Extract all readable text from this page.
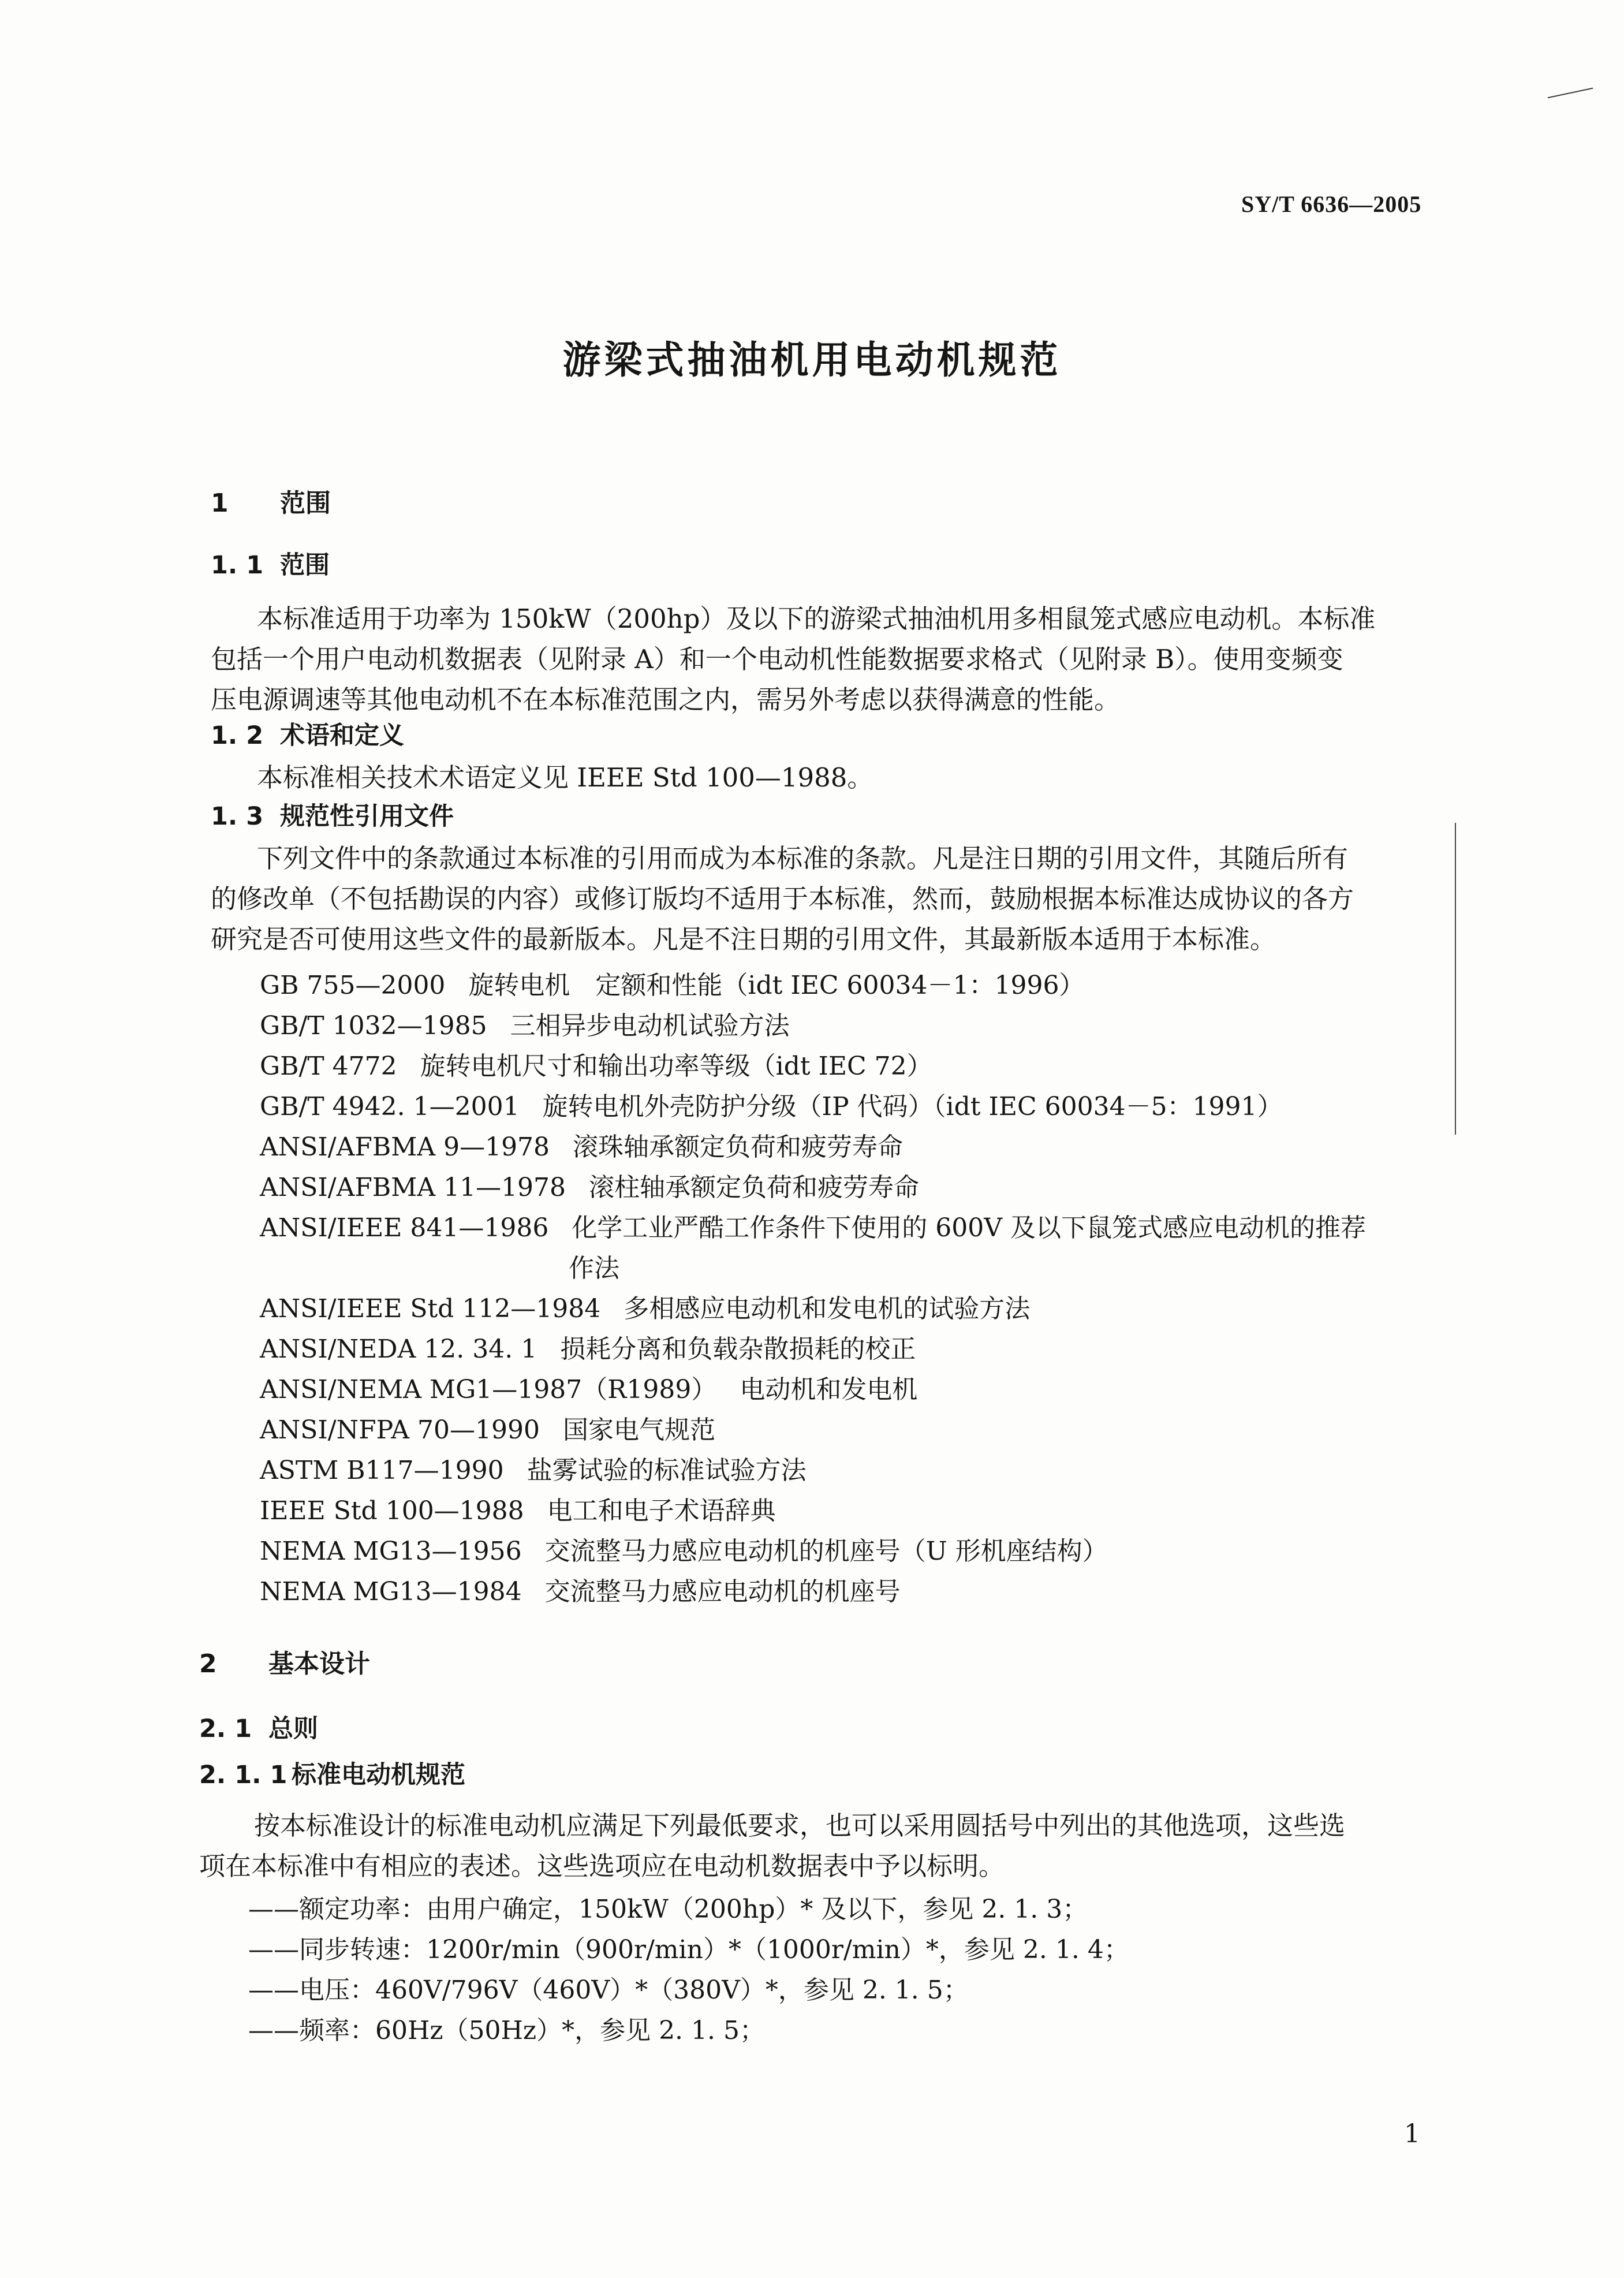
SY/T 6636—2005
游梁式抽油机用电动机规范
1 范围
1. 1 范围
本标准适用于功率为 150kW（200hp）及以下的游梁式抽油机用多相鼠笼式感应电动机。本标准
包括一个用户电动机数据表（见附录 A）和一个电动机性能数据要求格式（见附录 B）。使用变频变
压电源调速等其他电动机不在本标准范围之内，需另外考虑以获得满意的性能。
1. 2 术语和定义
本标准相关技术术语定义见 IEEE Std 100—1988。
1. 3 规范性引用文件
下列文件中的条款通过本标准的引用而成为本标准的条款。凡是注日期的引用文件，其随后所有
的修改单（不包括勘误的内容）或修订版均不适用于本标准，然而，鼓励根据本标准达成协议的各方
研究是否可使用这些文件的最新版本。凡是不注日期的引用文件，其最新版本适用于本标准。
GB 755—2000 旋转电机　定额和性能（idt IEC 60034－1：1996）
GB/T 1032—1985 三相异步电动机试验方法
GB/T 4772 旋转电机尺寸和输出功率等级（idt IEC 72）
GB/T 4942. 1—2001 旋转电机外壳防护分级（IP 代码）（idt IEC 60034－5：1991）
ANSI/AFBMA 9—1978 滚珠轴承额定负荷和疲劳寿命
ANSI/AFBMA 11—1978 滚柱轴承额定负荷和疲劳寿命
ANSI/IEEE 841—1986 化学工业严酷工作条件下使用的 600V 及以下鼠笼式感应电动机的推荐
作法
ANSI/IEEE Std 112—1984 多相感应电动机和发电机的试验方法
ANSI/NEDA 12. 34. 1 损耗分离和负载杂散损耗的校正
ANSI/NEMA MG1—1987（R1989） 电动机和发电机
ANSI/NFPA 70—1990 国家电气规范
ASTM B117—1990 盐雾试验的标准试验方法
IEEE Std 100—1988 电工和电子术语辞典
NEMA MG13—1956 交流整马力感应电动机的机座号（U 形机座结构）
NEMA MG13—1984 交流整马力感应电动机的机座号
2 基本设计
2. 1 总则
2. 1. 1 标准电动机规范
按本标准设计的标准电动机应满足下列最低要求，也可以采用圆括号中列出的其他选项，这些选
项在本标准中有相应的表述。这些选项应在电动机数据表中予以标明。
——额定功率：由用户确定，150kW（200hp）* 及以下，参见 2. 1. 3；
——同步转速：1200r/min（900r/min）*（1000r/min）*，参见 2. 1. 4；
——电压：460V/796V（460V）*（380V）*，参见 2. 1. 5；
——频率：60Hz（50Hz）*，参见 2. 1. 5；
1
